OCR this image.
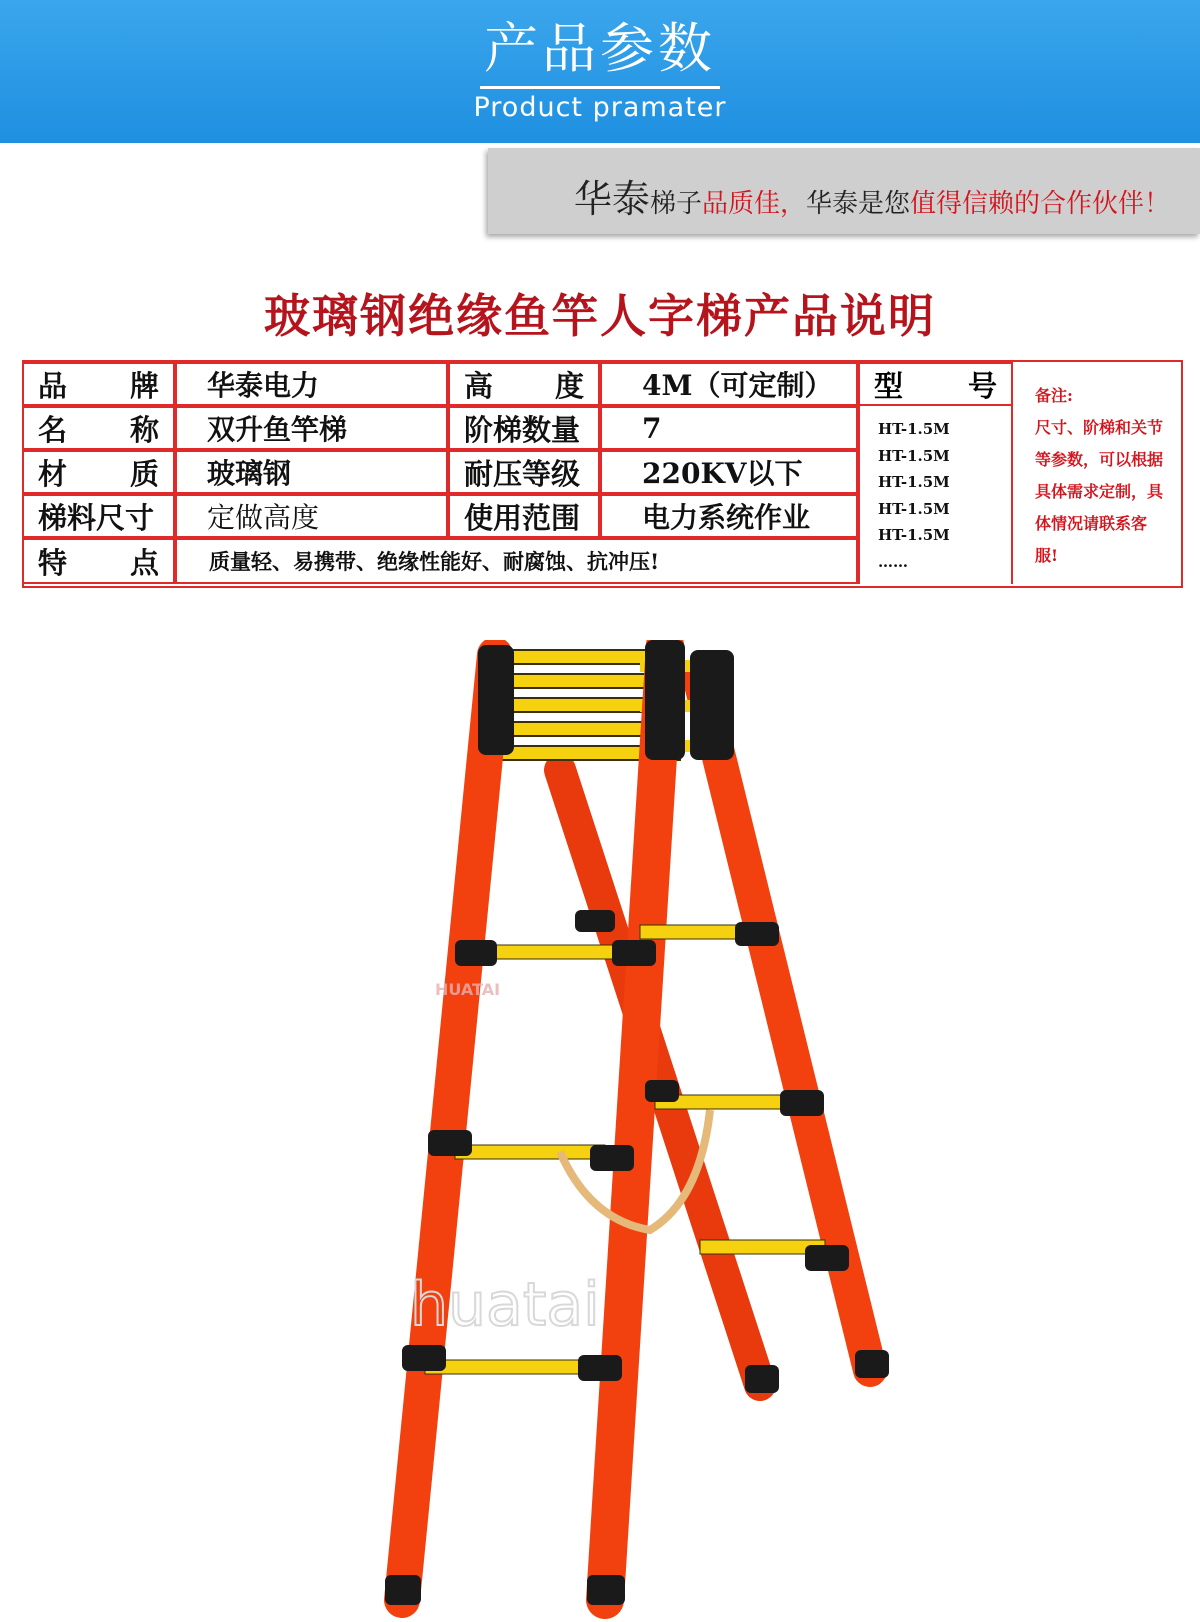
产品参数
Product pramater
华泰梯子品质佳，华泰是您值得信赖的合作伙伴！
玻璃钢绝缘鱼竿人字梯产品说明
品 牌	华泰电力	高 度	4M（可定制）
名 称	双升鱼竿梯	阶梯数量	7
材 质	玻璃钢	耐压等级	220KV以下
梯料尺寸	定做高度	使用范围	电力系统作业
特 点	质量轻、易携带、绝缘性能好、耐腐蚀、抗冲压!
型 号
HT-1.5M
HT-1.5M
HT-1.5M
HT-1.5M
HT-1.5M
……
备注:
尺寸、阶梯和关节等参数，可以根据具体需求定制，具体情况请联系客服!
huatai
HUATAI
